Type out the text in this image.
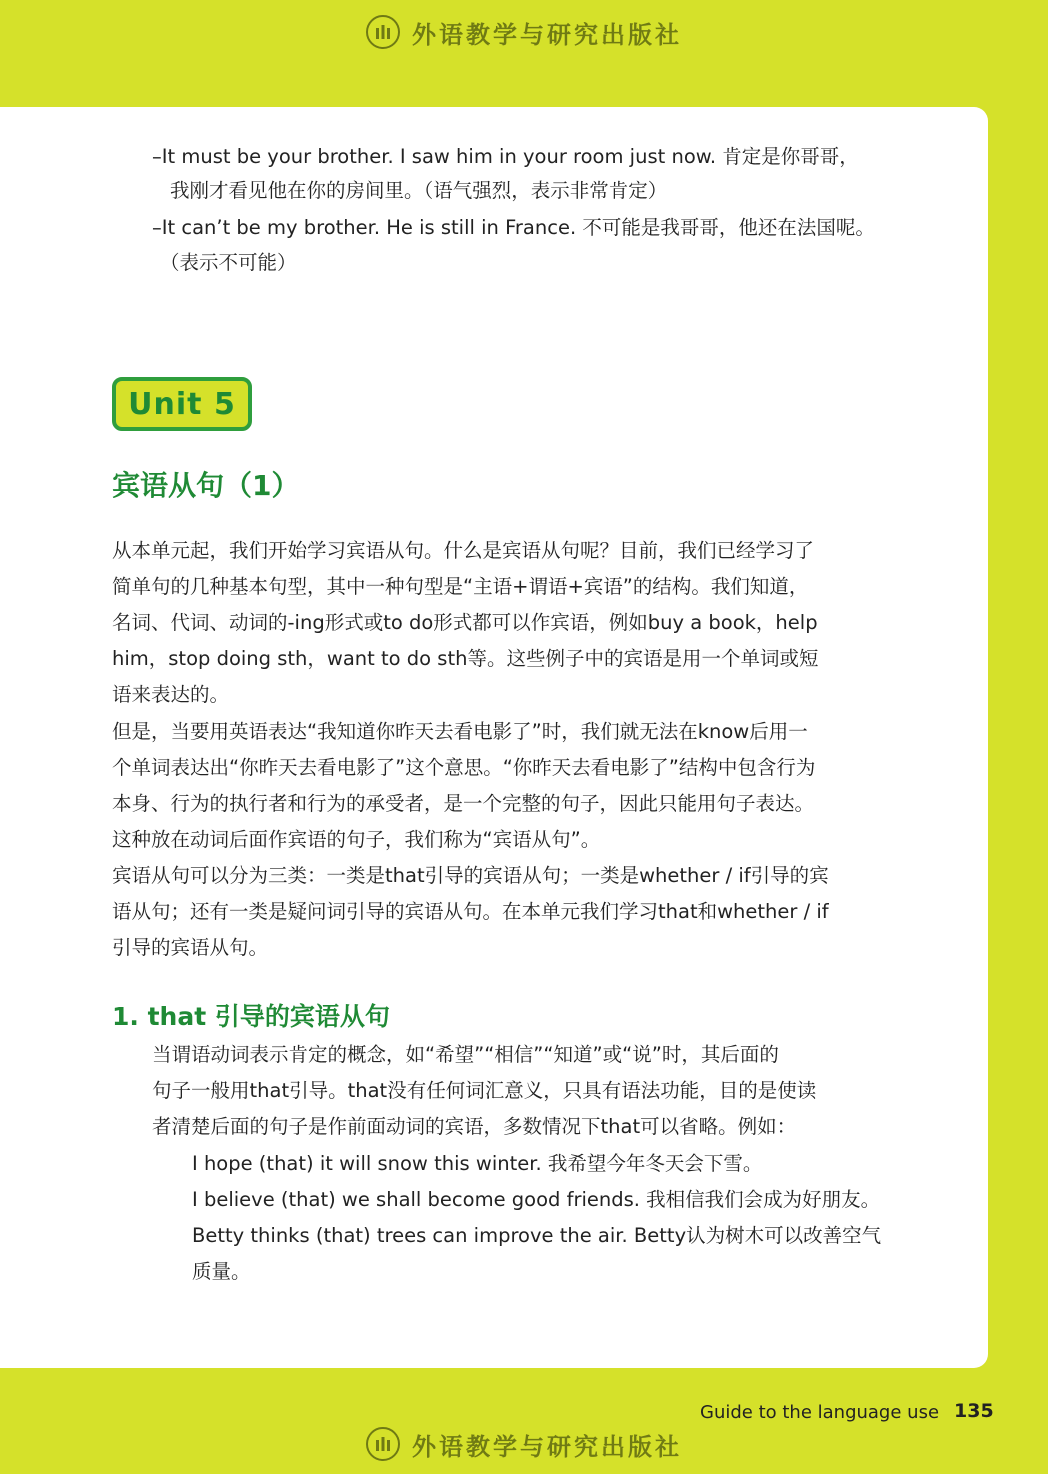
外语教学与研究出版社
–It must be your brother. I saw him in your room just now. 肯定是你哥哥，
我刚才看见他在你的房间里。（语气强烈，表示非常肯定）
–It can’t be my brother. He is still in France. 不可能是我哥哥，他还在法国呢。
（表示不可能）
Unit 5
宾语从句（1）
从本单元起，我们开始学习宾语从句。什么是宾语从句呢？目前，我们已经学习了
简单句的几种基本句型，其中一种句型是“主语+谓语+宾语”的结构。我们知道，
名词、代词、动词的-ing形式或to do形式都可以作宾语，例如buy a book，help
him，stop doing sth，want to do sth等。这些例子中的宾语是用一个单词或短
语来表达的。
但是，当要用英语表达“我知道你昨天去看电影了”时，我们就无法在know后用一
个单词表达出“你昨天去看电影了”这个意思。“你昨天去看电影了”结构中包含行为
本身、行为的执行者和行为的承受者，是一个完整的句子，因此只能用句子表达。
这种放在动词后面作宾语的句子，我们称为“宾语从句”。
宾语从句可以分为三类：一类是that引导的宾语从句；一类是whether / if引导的宾
语从句；还有一类是疑问词引导的宾语从句。在本单元我们学习that和whether / if
引导的宾语从句。
1. that 引导的宾语从句
当谓语动词表示肯定的概念，如“希望”“相信”“知道”或“说”时，其后面的
句子一般用that引导。that没有任何词汇意义，只具有语法功能，目的是使读
者清楚后面的句子是作前面动词的宾语，多数情况下that可以省略。例如：
I hope (that) it will snow this winter. 我希望今年冬天会下雪。
I believe (that) we shall become good friends. 我相信我们会成为好朋友。
Betty thinks (that) trees can improve the air. Betty认为树木可以改善空气
质量。
Guide to the language use 135
外语教学与研究出版社
